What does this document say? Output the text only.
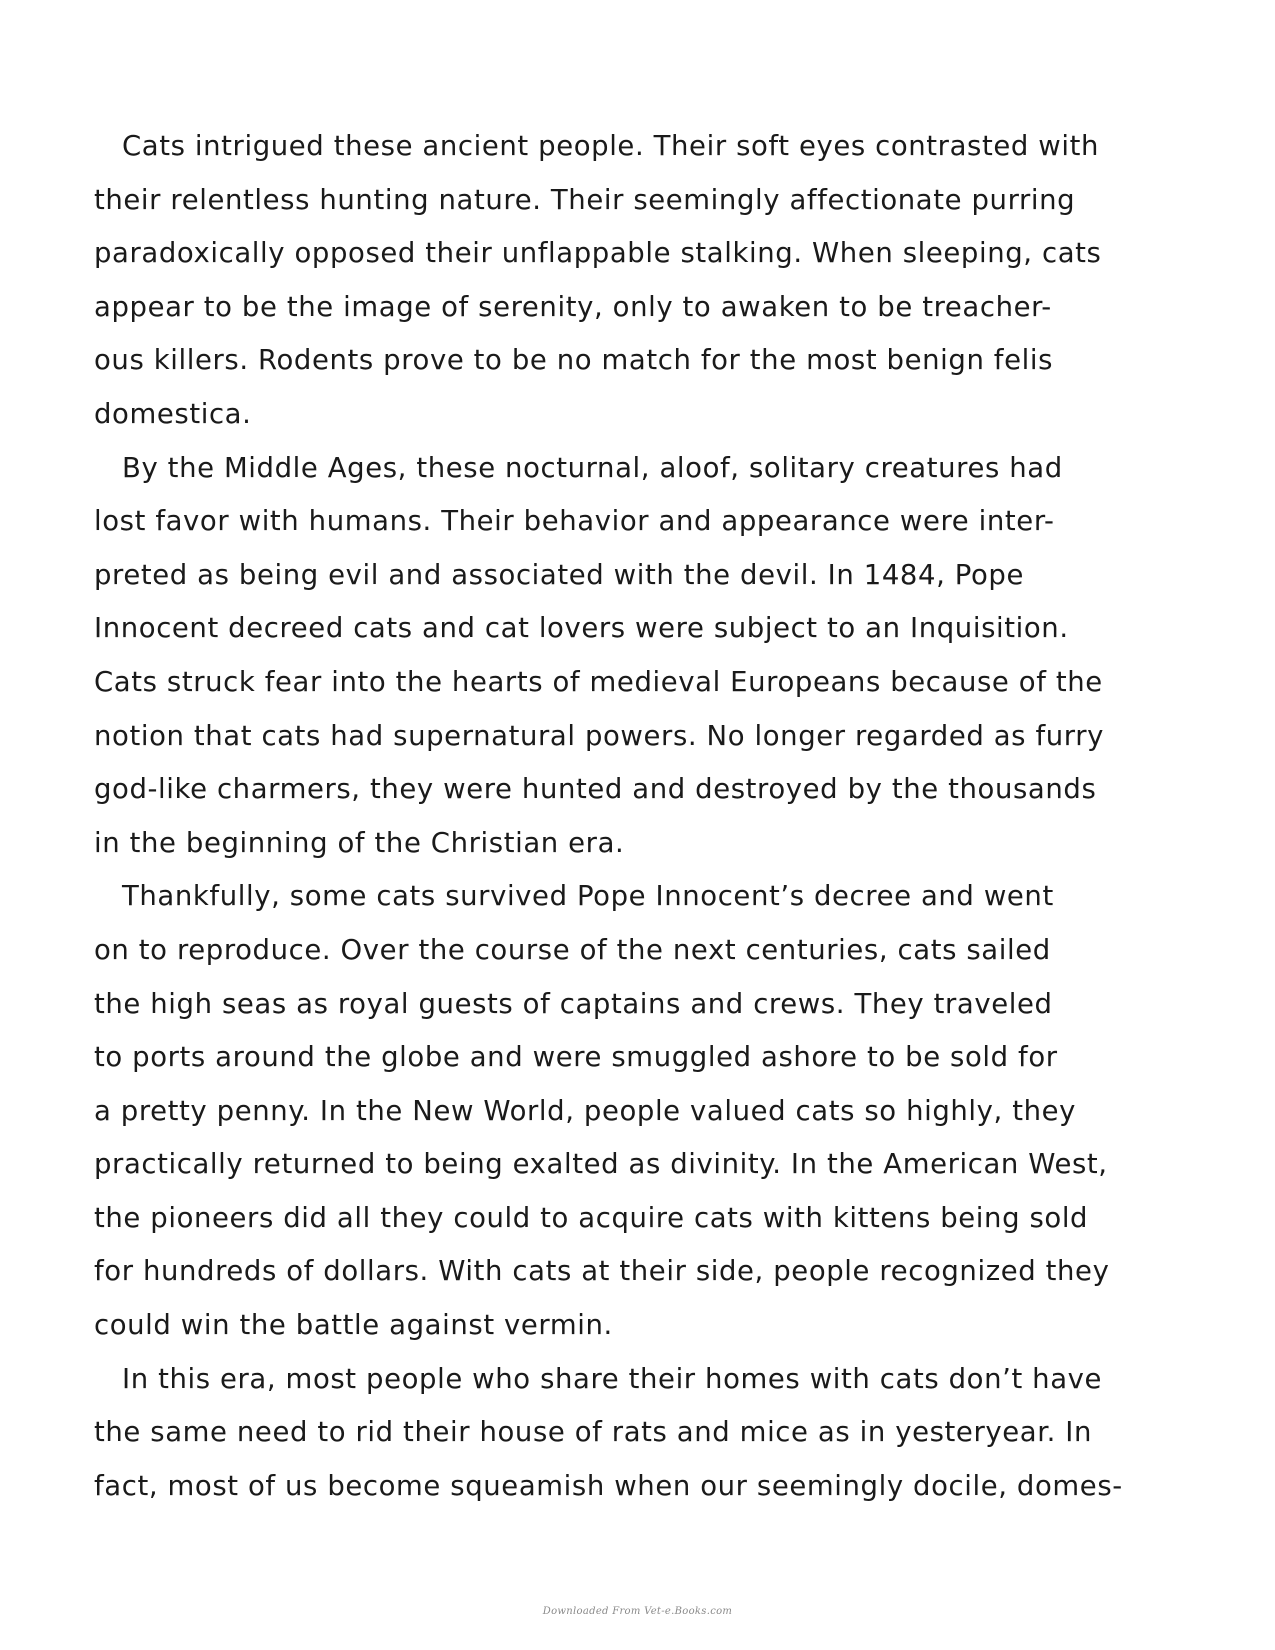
Cats intrigued these ancient people. Their soft eyes contrasted with
their relentless hunting nature. Their seemingly affectionate purring
paradoxically opposed their unflappable stalking. When sleeping, cats
appear to be the image of serenity, only to awaken to be treacher-
ous killers. Rodents prove to be no match for the most benign felis
domestica.
By the Middle Ages, these nocturnal, aloof, solitary creatures had
lost favor with humans. Their behavior and appearance were inter-
preted as being evil and associated with the devil. In 1484, Pope
Innocent decreed cats and cat lovers were subject to an Inquisition.
Cats struck fear into the hearts of medieval Europeans because of the
notion that cats had supernatural powers. No longer regarded as furry
god-like charmers, they were hunted and destroyed by the thousands
in the beginning of the Christian era.
Thankfully, some cats survived Pope Innocent’s decree and went
on to reproduce. Over the course of the next centuries, cats sailed
the high seas as royal guests of captains and crews. They traveled
to ports around the globe and were smuggled ashore to be sold for
a pretty penny. In the New World, people valued cats so highly, they
practically returned to being exalted as divinity. In the American West,
the pioneers did all they could to acquire cats with kittens being sold
for hundreds of dollars. With cats at their side, people recognized they
could win the battle against vermin.
In this era, most people who share their homes with cats don’t have
the same need to rid their house of rats and mice as in yesteryear. In
fact, most of us become squeamish when our seemingly docile, domes-
Downloaded From Vet-e.Books.com
